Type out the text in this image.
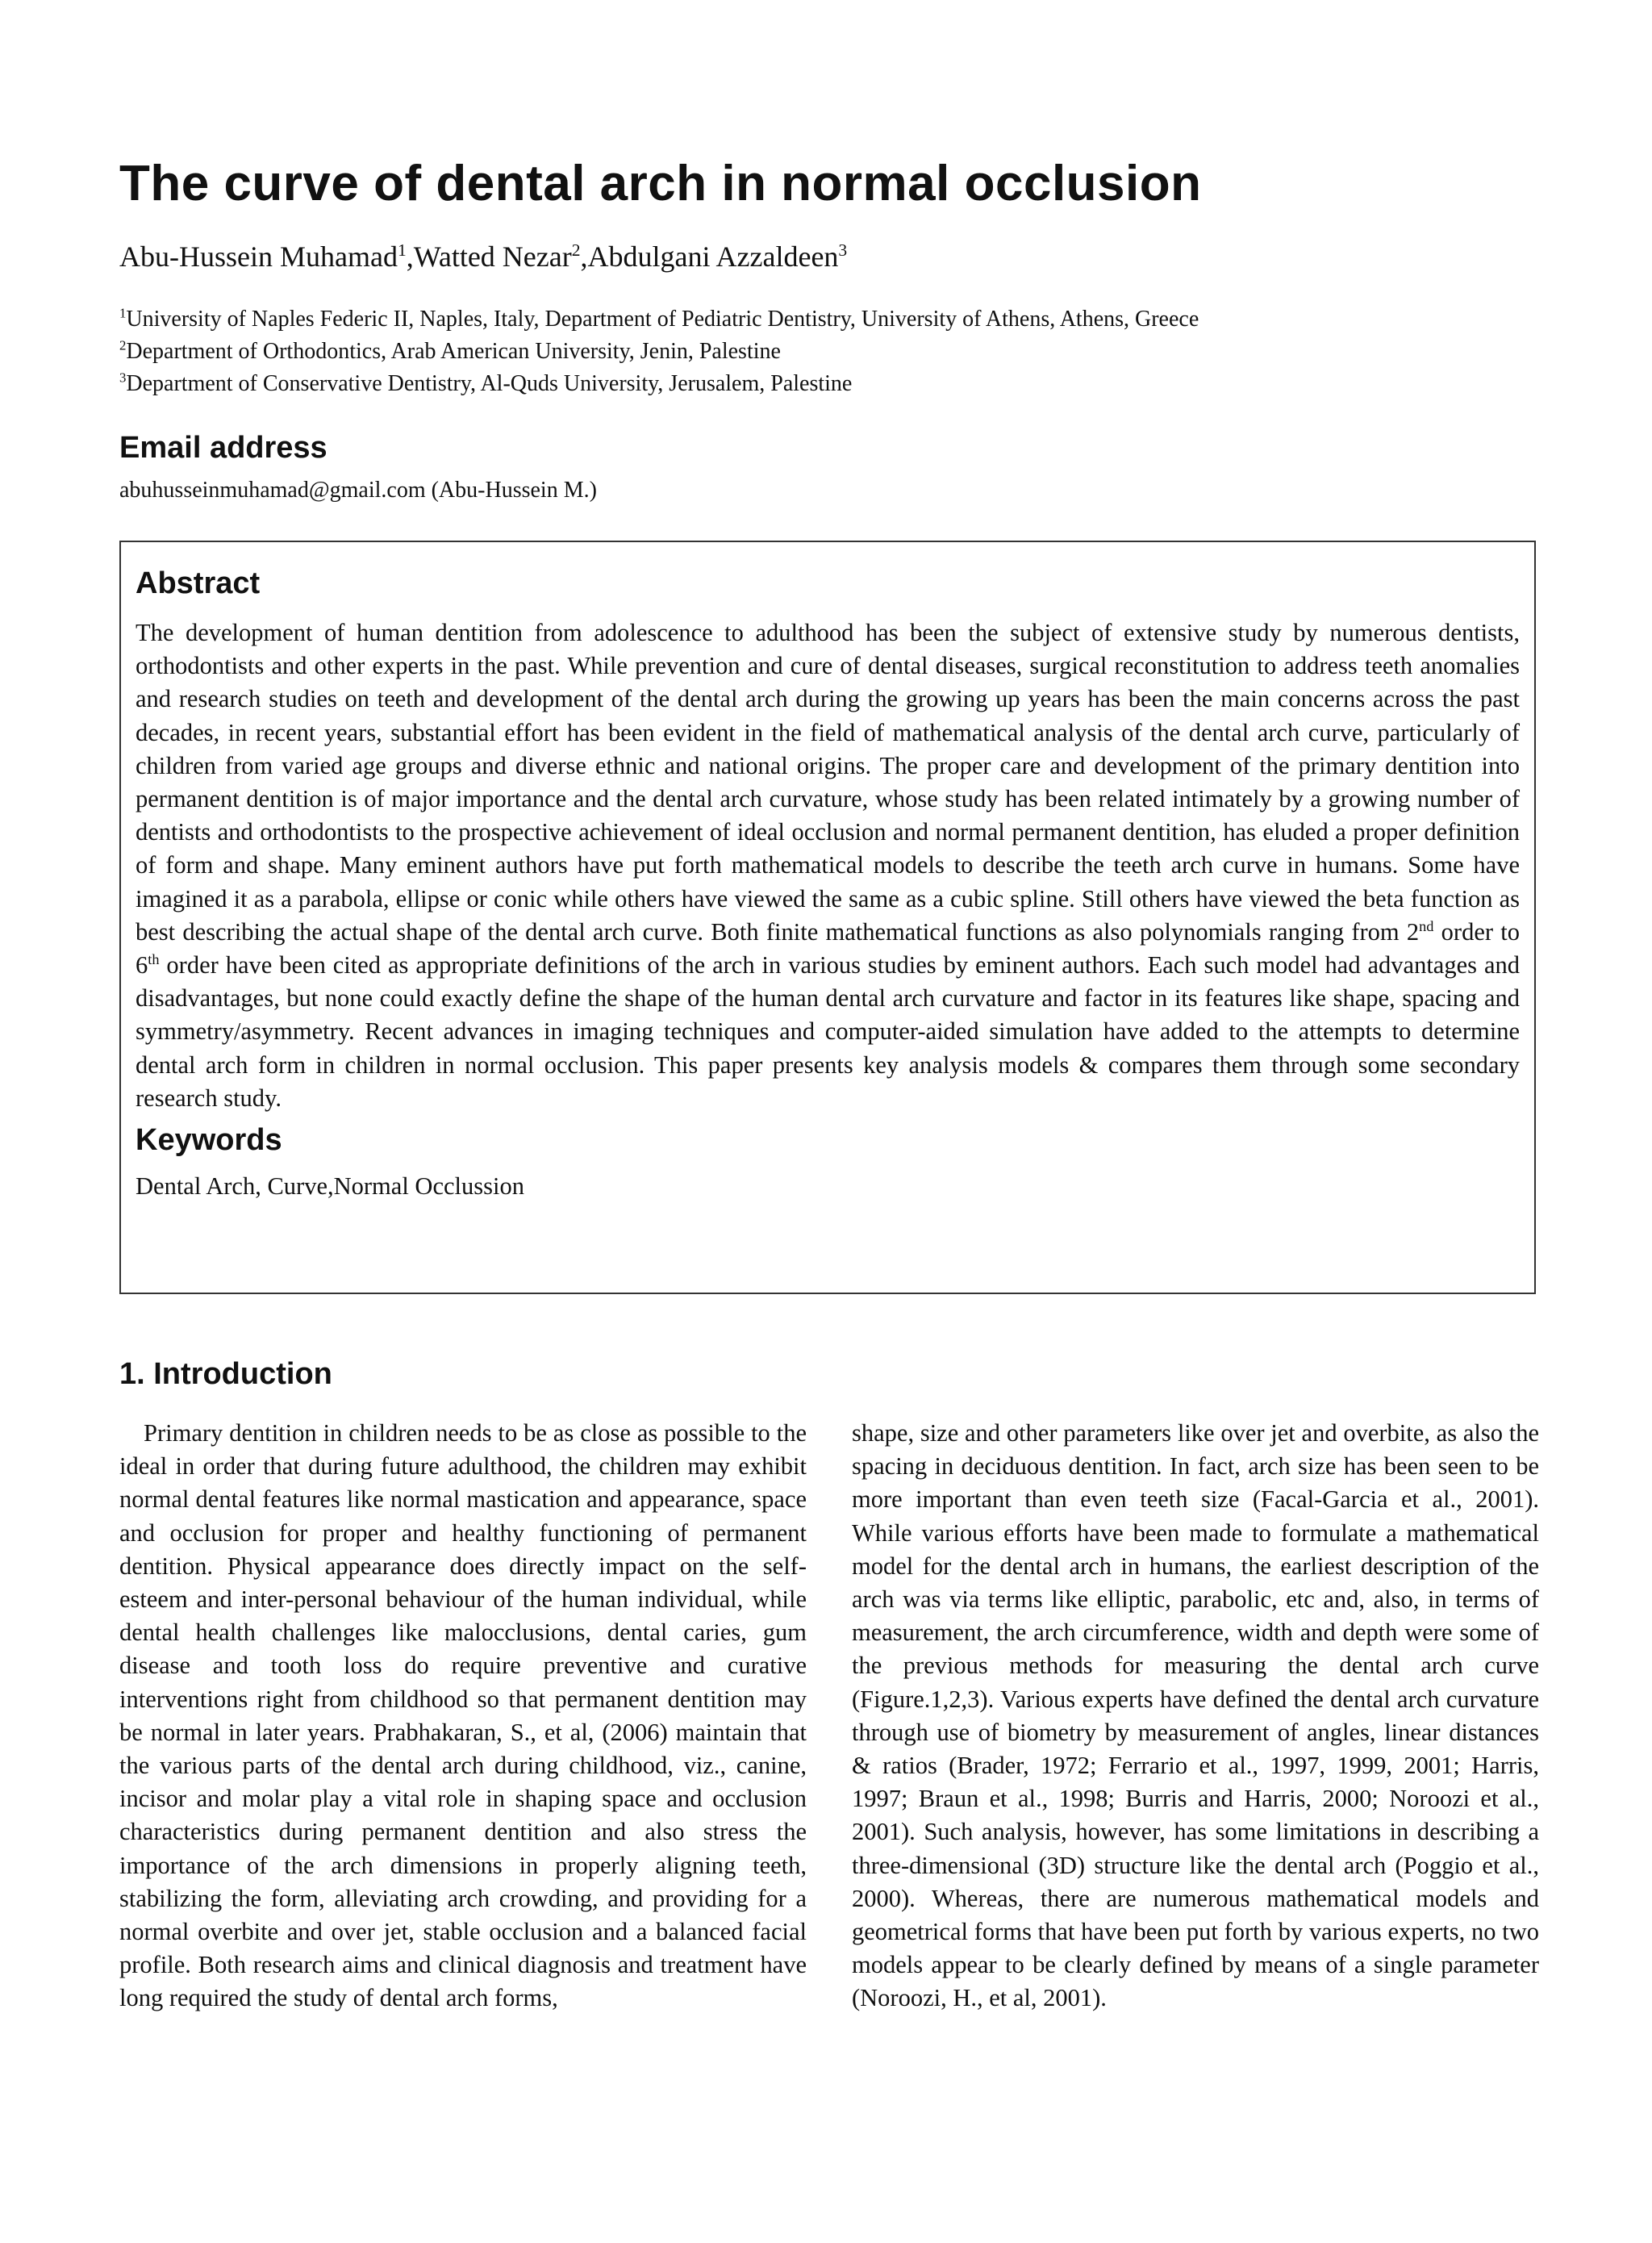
The curve of dental arch in normal occlusion
Abu-Hussein Muhamad$^1$,Watted Nezar$^2$,Abdulgani Azzaldeen$^3$
$^1$University of Naples Federic II, Naples, Italy, Department of Pediatric Dentistry, University of Athens, Athens, Greece
$^2$Department of Orthodontics, Arab American University, Jenin, Palestine
$^3$Department of Conservative Dentistry, Al-Quds University, Jerusalem, Palestine
Email address
abuhusseinmuhamad@gmail.com (Abu-Hussein M.)
Abstract
The development of human dentition from adolescence to adulthood has been the subject of extensive study by numerous dentists, orthodontists and other experts in the past. While prevention and cure of dental diseases, surgical reconstitution to address teeth anomalies and research studies on teeth and development of the dental arch during the growing up years has been the main concerns across the past decades, in recent years, substantial effort has been evident in the field of mathematical analysis of the dental arch curve, particularly of children from varied age groups and diverse ethnic and national origins. The proper care and development of the primary dentition into permanent dentition is of major importance and the dental arch curvature, whose study has been related intimately by a growing number of dentists and orthodontists to the prospective achievement of ideal occlusion and normal permanent dentition, has eluded a proper definition of form and shape. Many eminent authors have put forth mathematical models to describe the teeth arch curve in humans. Some have imagined it as a parabola, ellipse or conic while others have viewed the same as a cubic spline. Still others have viewed the beta function as best describing the actual shape of the dental arch curve. Both finite mathematical functions as also polynomials ranging from 2nd order to 6th order have been cited as appropriate definitions of the arch in various studies by eminent authors. Each such model had advantages and disadvantages, but none could exactly define the shape of the human dental arch curvature and factor in its features like shape, spacing and symmetry/asymmetry. Recent advances in imaging techniques and computer-aided simulation have added to the attempts to determine dental arch form in children in normal occlusion. This paper presents key analysis models & compares them through some secondary research study.
Keywords
Dental Arch, Curve,Normal Occlussion
1. Introduction
Primary dentition in children needs to be as close as possible to the ideal in order that during future adulthood, the children may exhibit normal dental features like normal mastication and appearance, space and occlusion for proper and healthy functioning of permanent dentition. Physical appearance does directly impact on the self-esteem and inter-personal behaviour of the human individual, while dental health challenges like malocclusions, dental caries, gum disease and tooth loss do require preventive and curative interventions right from childhood so that permanent dentition may be normal in later years. Prabhakaran, S., et al, (2006) maintain that the various parts of the dental arch during childhood, viz., canine, incisor and molar play a vital role in shaping space and occlusion characteristics during permanent dentition and also stress the importance of the arch dimensions in properly aligning teeth, stabilizing the form, alleviating arch crowding, and providing for a normal overbite and over jet, stable occlusion and a balanced facial profile. Both research aims and clinical diagnosis and treatment have long required the study of dental arch forms,
shape, size and other parameters like over jet and overbite, as also the spacing in deciduous dentition. In fact, arch size has been seen to be more important than even teeth size (Facal-Garcia et al., 2001). While various efforts have been made to formulate a mathematical model for the dental arch in humans, the earliest description of the arch was via terms like elliptic, parabolic, etc and, also, in terms of measurement, the arch circumference, width and depth were some of the previous methods for measuring the dental arch curve (Figure.1,2,3). Various experts have defined the dental arch curvature through use of biometry by measurement of angles, linear distances & ratios (Brader, 1972; Ferrario et al., 1997, 1999, 2001; Harris, 1997; Braun et al., 1998; Burris and Harris, 2000; Noroozi et al., 2001). Such analysis, however, has some limitations in describing a three-dimensional (3D) structure like the dental arch (Poggio et al., 2000). Whereas, there are numerous mathematical models and geometrical forms that have been put forth by various experts, no two models appear to be clearly defined by means of a single parameter (Noroozi, H., et al, 2001).
